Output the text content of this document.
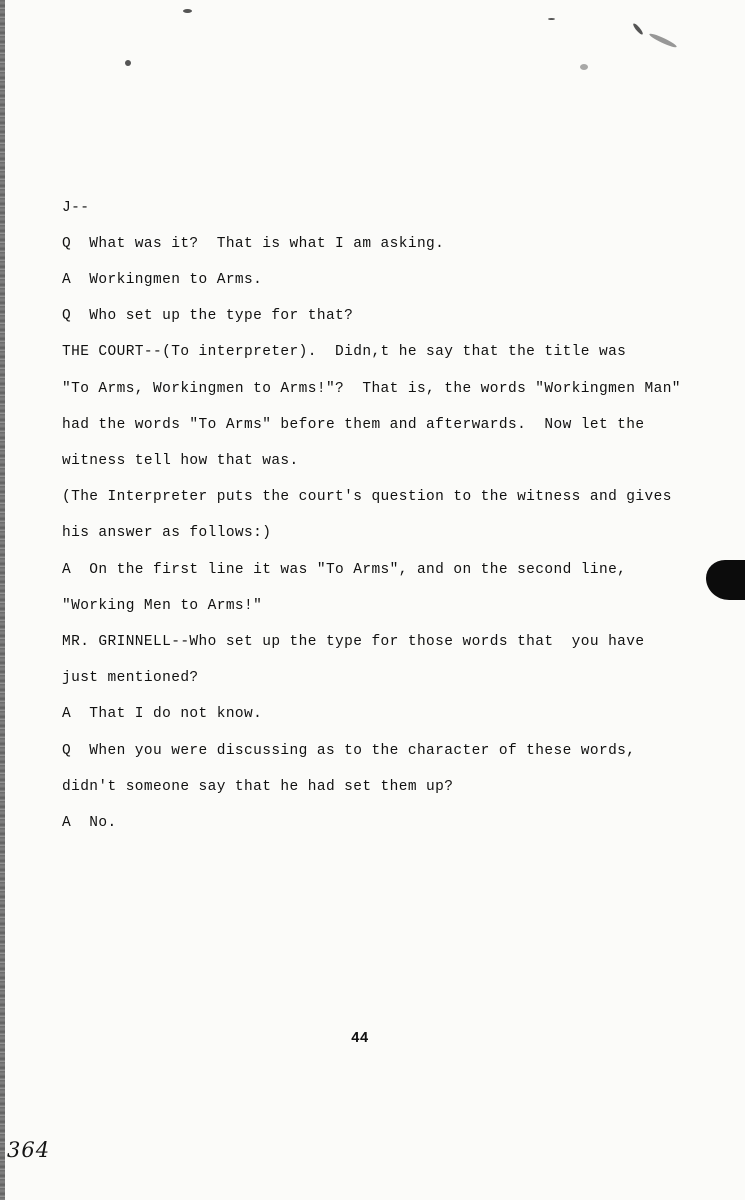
J--
Q  What was it?  That is what I am asking.
A  Workingmen to Arms.
Q  Who set up the type for that?
THE COURT--(To interpreter).  Didn,t he say that the title was
"To Arms, Workingmen to Arms!"?  That is, the words "Workingmen Man"
had the words "To Arms" before them and afterwards.  Now let the
witness tell how that was.
(The Interpreter puts the court's question to the witness and gives
his answer as follows:)
A  On the first line it was "To Arms", and on the second line,
"Working Men to Arms!"
MR. GRINNELL--Who set up the type for those words that  you have
just mentioned?
A  That I do not know.
Q  When you were discussing as to the character of these words,
didn't someone say that he had set them up?
A  No.
44
364
